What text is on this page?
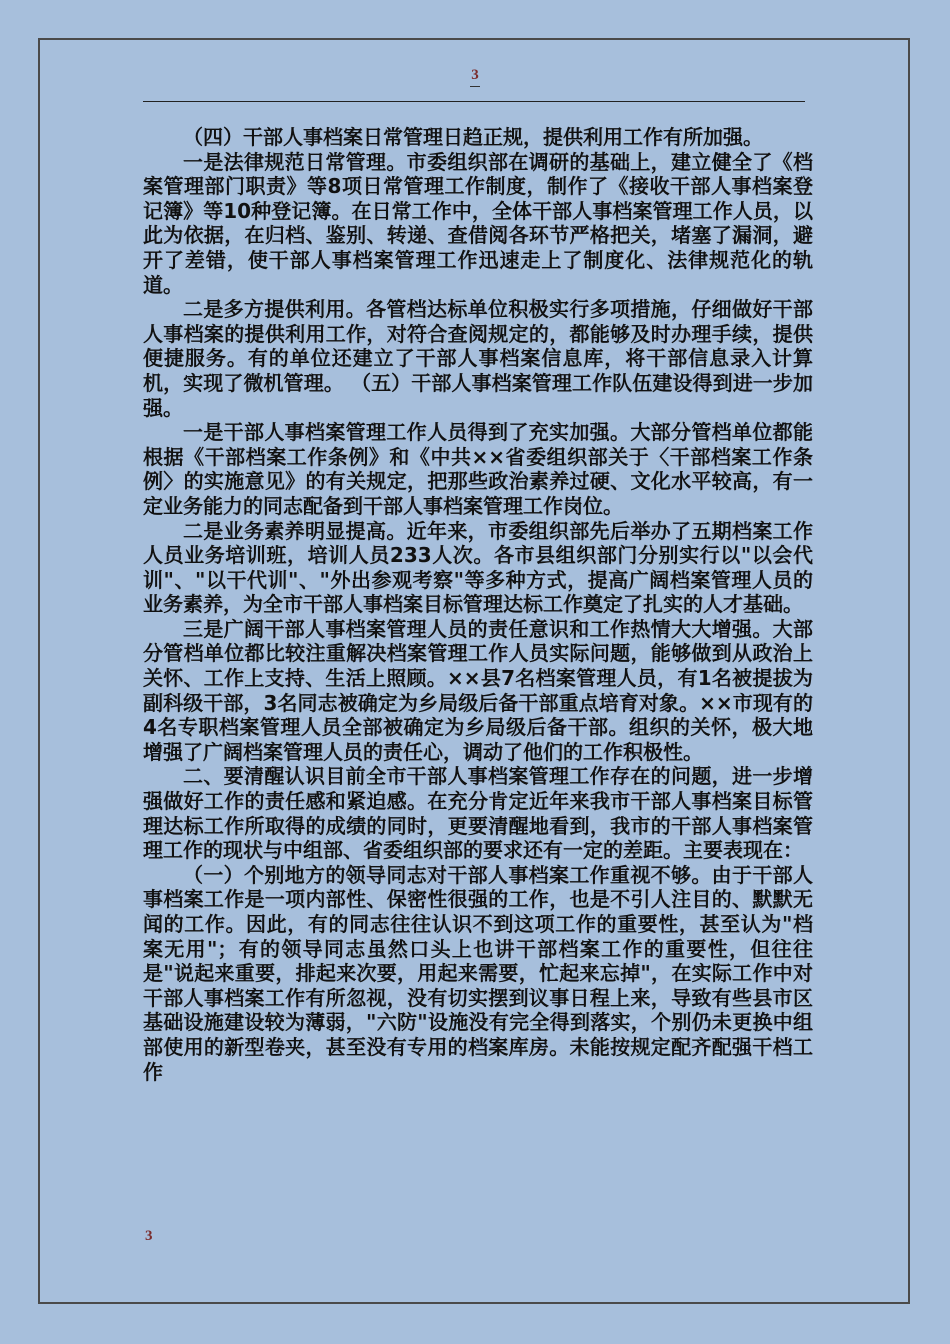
3

（四）干部人事档案日常管理日趋正规，提供利用工作有所加强。

一是法律规范日常管理。市委组织部在调研的基础上，建立健全了《档案管理部门职责》等8项日常管理工作制度，制作了《接收干部人事档案登记簿》等10种登记簿。在日常工作中，全体干部人事档案管理工作人员，以此为依据，在归档、鉴别、转递、查借阅各环节严格把关，堵塞了漏洞，避开了差错，使干部人事档案管理工作迅速走上了制度化、法律规范化的轨道。

二是多方提供利用。各管档达标单位积极实行多项措施，仔细做好干部人事档案的提供利用工作，对符合查阅规定的，都能够及时办理手续，提供便捷服务。有的单位还建立了干部人事档案信息库，将干部信息录入计算机，实现了微机管理。 （五）干部人事档案管理工作队伍建设得到进一步加强。

一是干部人事档案管理工作人员得到了充实加强。大部分管档单位都能根据《干部档案工作条例》和《中共××省委组织部关于〈干部档案工作条例〉的实施意见》的有关规定，把那些政治素养过硬、文化水平较高，有一定业务能力的同志配备到干部人事档案管理工作岗位。

二是业务素养明显提高。近年来，市委组织部先后举办了五期档案工作人员业务培训班，培训人员233人次。各市县组织部门分别实行以"以会代训"、"以干代训"、"外出参观考察"等多种方式，提高广阔档案管理人员的业务素养，为全市干部人事档案目标管理达标工作奠定了扎实的人才基础。

三是广阔干部人事档案管理人员的责任意识和工作热情大大增强。大部分管档单位都比较注重解决档案管理工作人员实际问题，能够做到从政治上关怀、工作上支持、生活上照顾。××县7名档案管理人员，有1名被提拔为副科级干部，3名同志被确定为乡局级后备干部重点培育对象。××市现有的4名专职档案管理人员全部被确定为乡局级后备干部。组织的关怀，极大地增强了广阔档案管理人员的责任心，调动了他们的工作积极性。

二、要清醒认识目前全市干部人事档案管理工作存在的问题，进一步增强做好工作的责任感和紧迫感。在充分肯定近年来我市干部人事档案目标管理达标工作所取得的成绩的同时，更要清醒地看到，我市的干部人事档案管理工作的现状与中组部、省委组织部的要求还有一定的差距。主要表现在：

（一）个别地方的领导同志对干部人事档案工作重视不够。由于干部人事档案工作是一项内部性、保密性很强的工作，也是不引人注目的、默默无闻的工作。因此，有的同志往往认识不到这项工作的重要性，甚至认为"档案无用"；有的领导同志虽然口头上也讲干部档案工作的重要性，但往往是"说起来重要，排起来次要，用起来需要，忙起来忘掉"，在实际工作中对干部人事档案工作有所忽视，没有切实摆到议事日程上来，导致有些县市区基础设施建设较为薄弱，"六防"设施没有完全得到落实，个别仍未更换中组部使用的新型卷夹，甚至没有专用的档案库房。未能按规定配齐配强干档工作

3
